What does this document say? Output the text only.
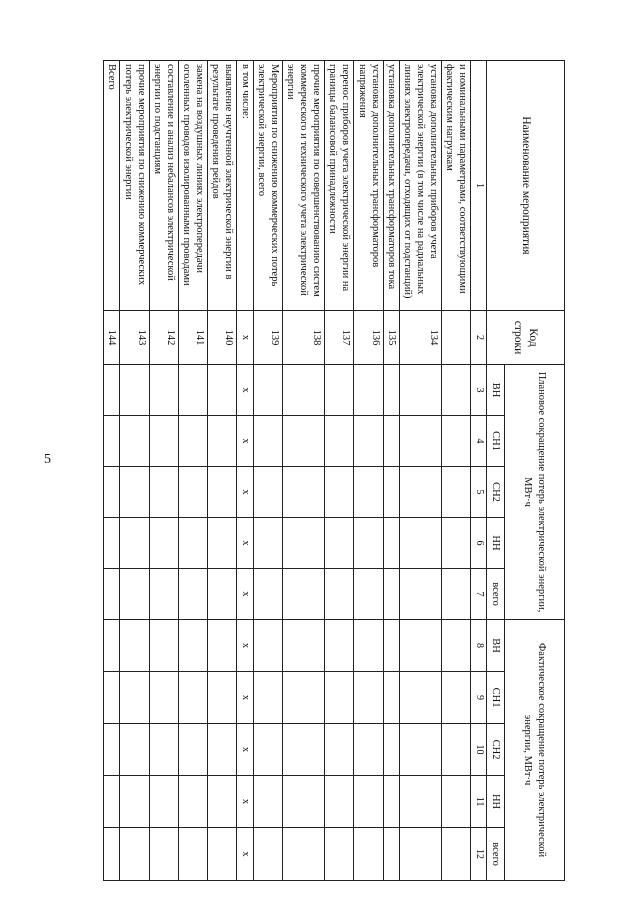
5
Наименование мероприятия	Код строки	Плановое сокращение потерь электрической энергии, МВт·ч					Фактическое сокращение потерь электрической энергии, МВт·ч				
		ВН	СН1	СН2	НН	всего	ВН	СН1	СН2	НН	всего
1	2	3	4	5	6	7	8	9	10	11	12
и номинальными параметрами, соответствующими фактическим нагрузкам											
установка дополнительных приборов учета электрической энергии (в том числе на радиальных линиях электропередачи, отходящих от подстанций)	134										
установка дополнительных трансформаторов тока	135										
установка дополнительных трансформаторов напряжения	136										
перенос приборов учета электрической энергии на границы балансовой принадлежности	137										
прочие мероприятия по совершенствованию систем коммерческого и технического учета электрической энергии	138										
Мероприятия по снижению коммерческих потерь электрической энергии, всего	139										
в том числе:	х	х	х	х	х	х	х	х	х	х	х
выявление неучтенной электрической энергии в результате проведения рейдов	140										
замена на воздушных линиях электропередачи оголенных проводов изолированными проводами	141										
составление и анализ небалансов электрической энергии по подстанциям	142										
прочие мероприятия по снижению коммерческих потерь электрической энергии	143										
Всего	144										
